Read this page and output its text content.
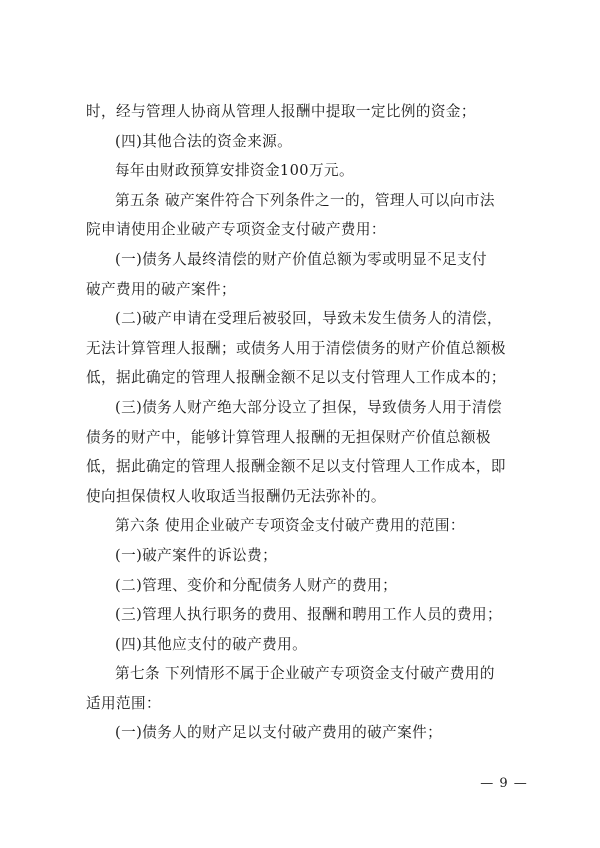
时，经与管理人协商从管理人报酬中提取一定比例的资金；
(四)其他合法的资金来源。
每年由财政预算安排资金100万元。
第五条 破产案件符合下列条件之一的，管理人可以向市法
院申请使用企业破产专项资金支付破产费用：
(一)债务人最终清偿的财产价值总额为零或明显不足支付
破产费用的破产案件；
(二)破产申请在受理后被驳回，导致未发生债务人的清偿，
无法计算管理人报酬；或债务人用于清偿债务的财产价值总额极
低，据此确定的管理人报酬金额不足以支付管理人工作成本的；
(三)债务人财产绝大部分设立了担保，导致债务人用于清偿
债务的财产中，能够计算管理人报酬的无担保财产价值总额极
低，据此确定的管理人报酬金额不足以支付管理人工作成本，即
使向担保债权人收取适当报酬仍无法弥补的。
第六条 使用企业破产专项资金支付破产费用的范围：
(一)破产案件的诉讼费；
(二)管理、变价和分配债务人财产的费用；
(三)管理人执行职务的费用、报酬和聘用工作人员的费用；
(四)其他应支付的破产费用。
第七条 下列情形不属于企业破产专项资金支付破产费用的
适用范围：
(一)债务人的财产足以支付破产费用的破产案件；
— 9 —
